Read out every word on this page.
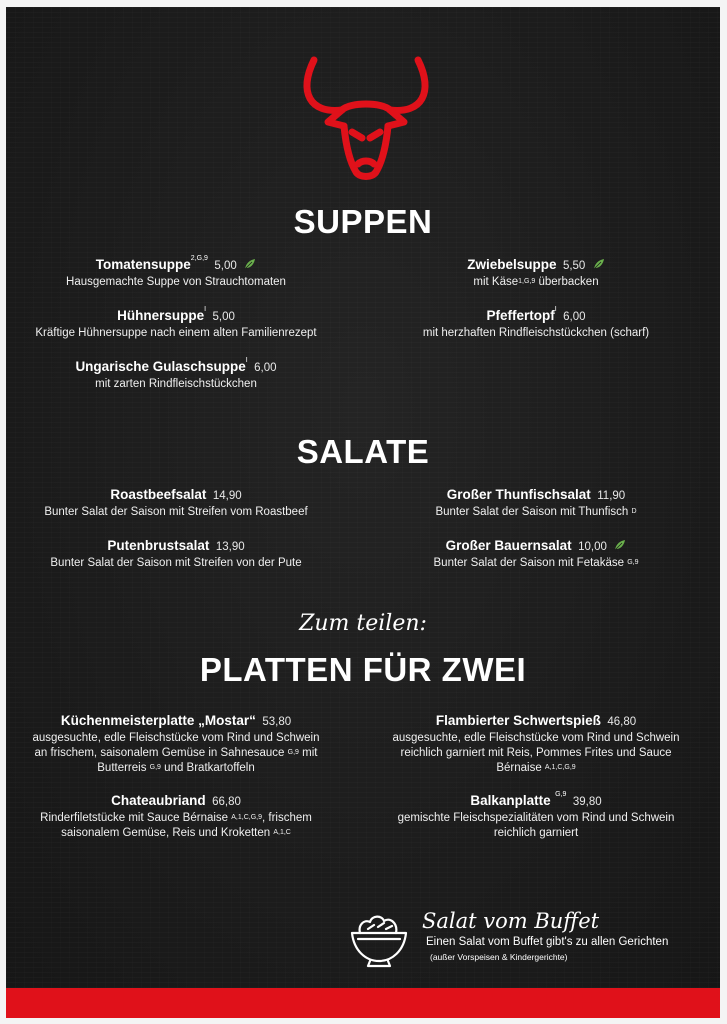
SUPPEN
Tomatensuppe$^{2,G,9}$ 5,00
Hausgemachte Suppe von Strauchtomaten
Zwiebelsuppe 5,50
mit Käse$^{1,G,9}$ überbacken
Hühnersuppe$^I$ 5,00
Kräftige Hühnersuppe nach einem alten Familienrezept
Pfeffertopf$^I$ 6,00
mit herzhaften Rindfleischstückchen (scharf)
Ungarische Gulaschsuppe$^I$ 6,00
mit zarten Rindfleischstückchen
SALATE
Roastbeefsalat 14,90
Bunter Salat der Saison mit Streifen vom Roastbeef
Großer Thunfischsalat 11,90
Bunter Salat der Saison mit Thunfisch $^D$
Putenbrustsalat 13,90
Bunter Salat der Saison mit Streifen von der Pute
Großer Bauernsalat 10,00
Bunter Salat der Saison mit Fetakäse $^{G,9}$
Zum teilen:
PLATTEN FÜR ZWEI
Küchenmeisterplatte „Mostar“ 53,80
ausgesuchte, edle Fleischstücke vom Rind und Schwein
an frischem, saisonalem Gemüse in Sahnesauce $^{G,9}$ mit
Butterreis $^{G,9}$ und Bratkartoffeln
Flambierter Schwertspieß 46,80
ausgesuchte, edle Fleischstücke vom Rind und Schwein
reichlich garniert mit Reis, Pommes Frites und Sauce
Bérnaise $^{A,1,C,G,9}$
Chateaubriand 66,80
Rinderfiletstücke mit Sauce Bérnaise $^{A,1,C,G,9}$, frischem
saisonalem Gemüse, Reis und Kroketten $^{A,1,C}$
Balkanplatte $^{G,9}$ 39,80
gemischte Fleischspezialitäten vom Rind und Schwein
reichlich garniert
Salat vom Buffet
Einen Salat vom Buffet gibt's zu allen Gerichten
(außer Vorspeisen & Kindergerichte)
